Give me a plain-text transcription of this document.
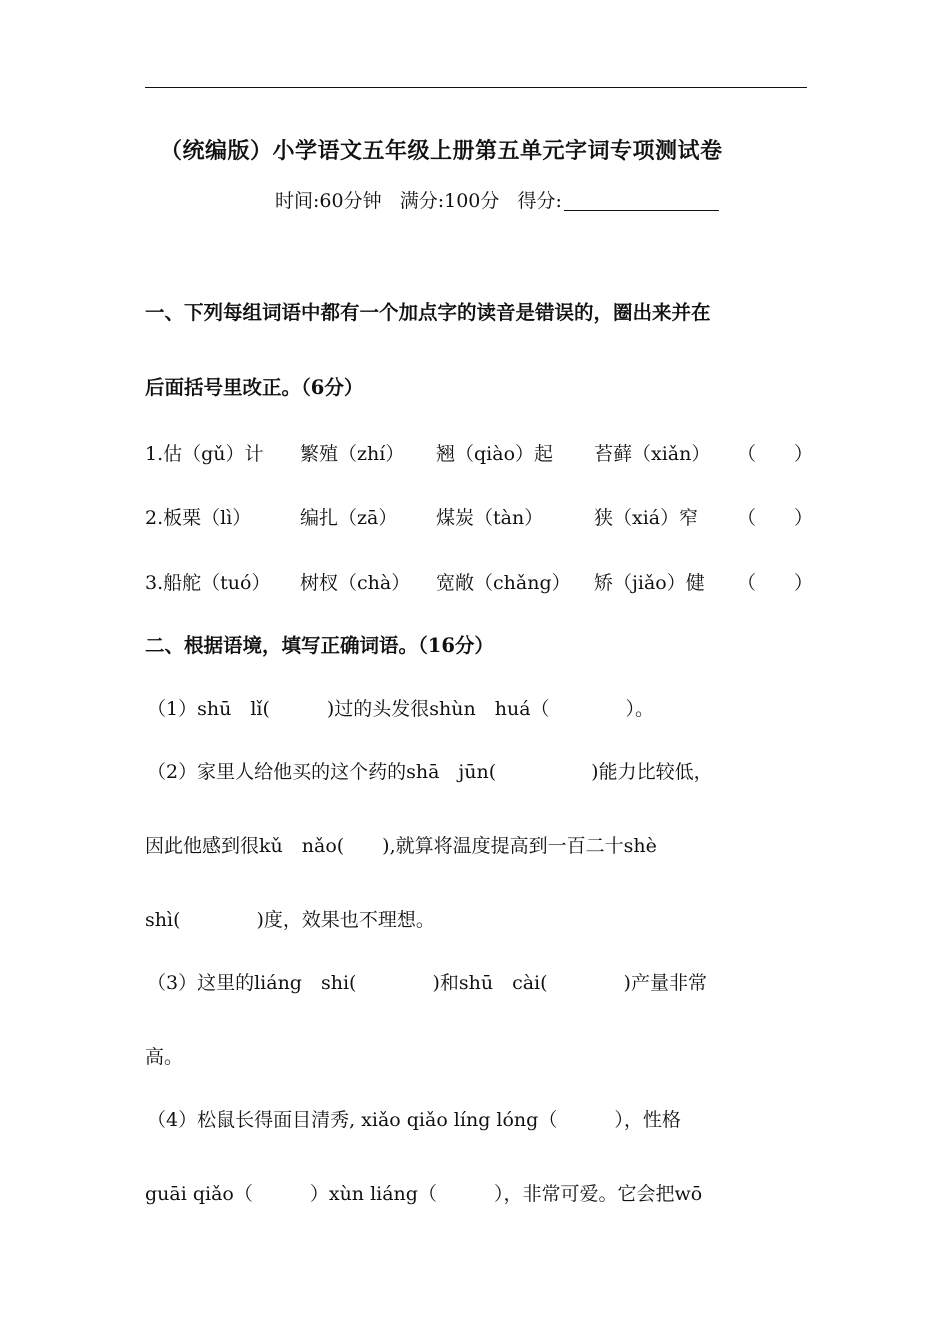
（统编版）小学语文五年级上册第五单元字词专项测试卷
时间:60分钟 满分:100分 得分:
一、下列每组词语中都有一个加点字的读音是错误的，圈出来并在
后面括号里改正。（6分）
1.估（gǔ）计 繁殖（zhí） 翘（qiào）起 苔藓（xiǎn） （　　）
2.板栗（lì）	编扎（zā） 煤炭（tàn）	狭（xiá）窄 （　　）
3.船舵（tuó） 树杈（chà） 宽敞（chǎng） 矫（jiǎo）健 （　　）
二、根据语境，填写正确词语。（16分）
（1）shū　lǐ(　　　)过的头发很shùn　huá（　　　　）。
（2）家里人给他买的这个药的shā　jūn(　　　　　)能力比较低，
因此他感到很kǔ　nǎo(　　),就算将温度提高到一百二十shè
shì(　　　　)度，效果也不理想。
（3）这里的liáng　shi(　　　　)和shū　cài(　　　　)产量非常
高。
（4）松鼠长得面目清秀, xiǎo qiǎo líng lóng（　　　），性格
guāi qiǎo（　　　）xùn liáng（　　　），非常可爱。它会把wō
